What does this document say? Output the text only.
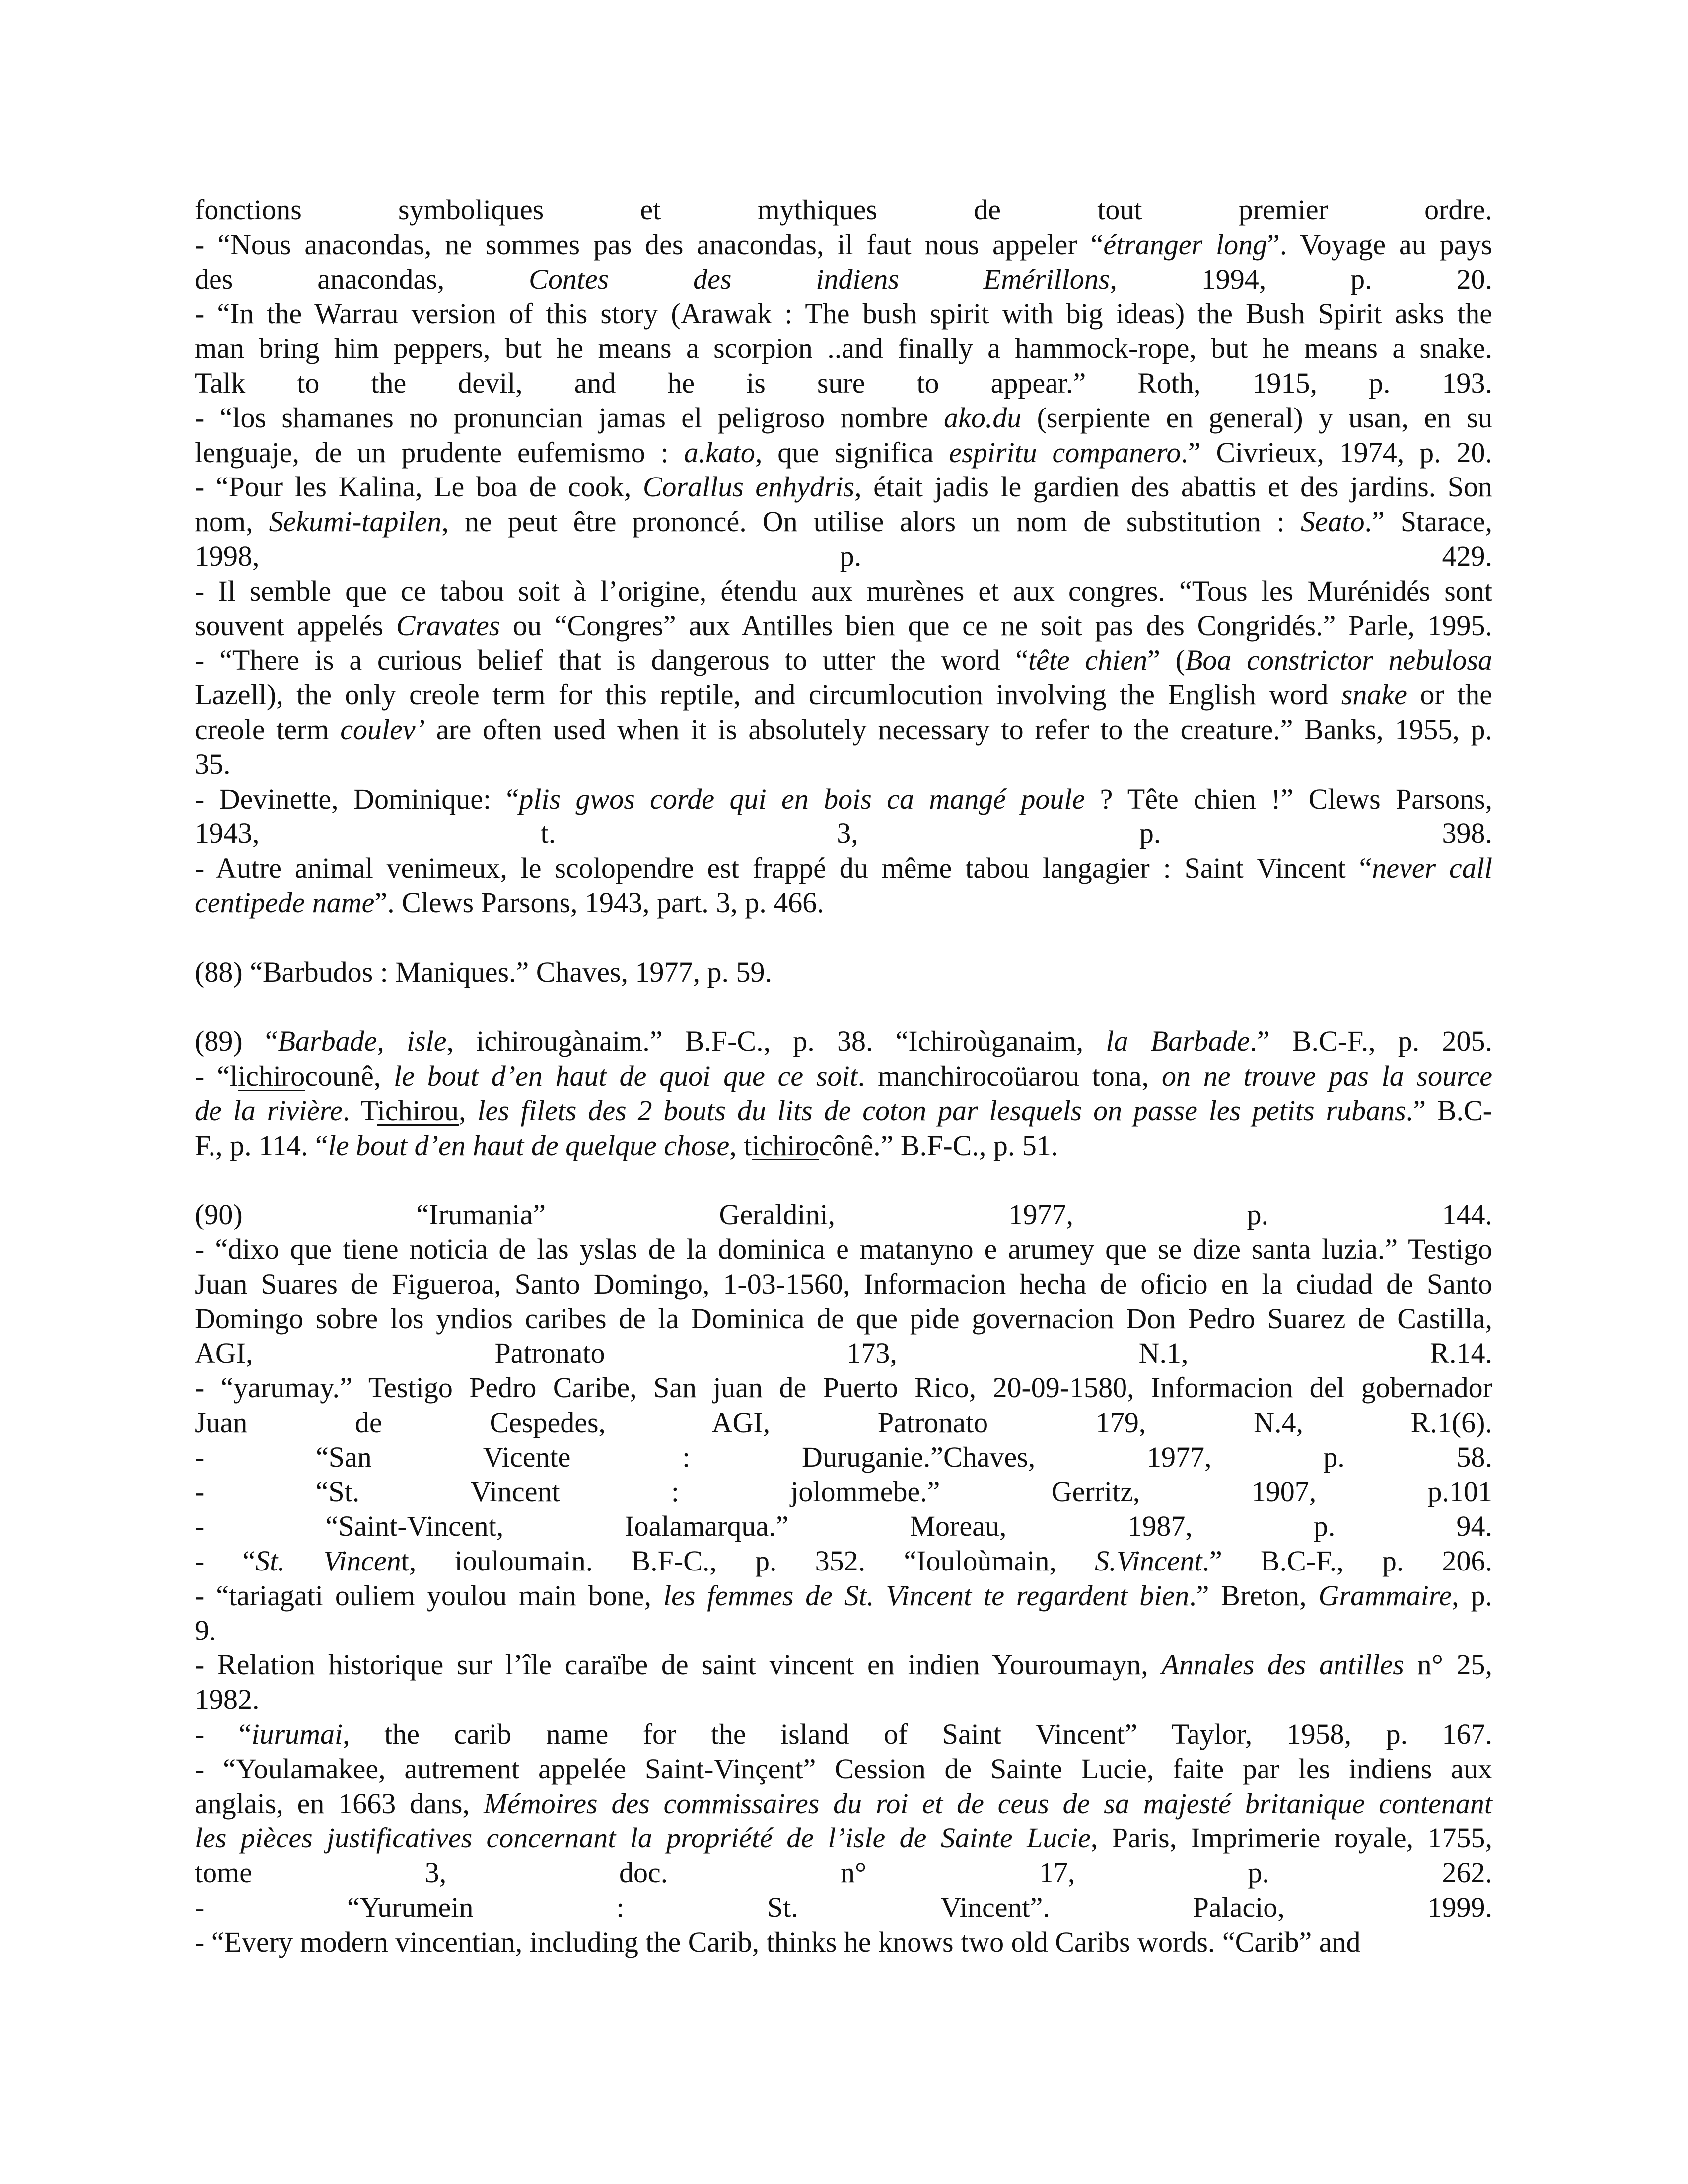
fonctions symboliques et mythiques de tout premier ordre.
- “Nous anacondas, ne sommes pas des anacondas, il faut nous appeler “étranger long”. Voyage au pays
des anacondas, Contes des indiens Emérillons, 1994, p. 20.
- “In the Warrau version of this story (Arawak : The bush spirit with big ideas) the Bush Spirit asks the
man bring him peppers, but he means a scorpion ..and finally a hammock-rope, but he means a snake.
Talk to the devil, and he is sure to appear.” Roth, 1915, p. 193.
- “los shamanes no pronuncian jamas el peligroso nombre ako.du (serpiente en general) y usan, en su
lenguaje, de un prudente eufemismo : a.kato, que significa espiritu companero.” Civrieux, 1974, p. 20.
- “Pour les Kalina, Le boa de cook, Corallus enhydris, était jadis le gardien des abattis et des jardins. Son
nom, Sekumi-tapilen, ne peut être prononcé. On utilise alors un nom de substitution : Seato.” Starace,
1998, p. 429.
- Il semble que ce tabou soit à l’origine, étendu aux murènes et aux congres. “Tous les Murénidés sont
souvent appelés Cravates ou “Congres” aux Antilles bien que ce ne soit pas des Congridés.” Parle, 1995.
- “There is a curious belief that is dangerous to utter the word “tête chien” (Boa constrictor nebulosa
Lazell), the only creole term for this reptile, and circumlocution involving the English word snake or the
creole term coulev’ are often used when it is absolutely necessary to refer to the creature.” Banks, 1955, p.
35.
- Devinette, Dominique: “plis gwos corde qui en bois ca mangé poule ? Tête chien !” Clews Parsons,
1943, t. 3, p. 398.
- Autre animal venimeux, le scolopendre est frappé du même tabou langagier : Saint Vincent “never call
centipede name”. Clews Parsons, 1943, part. 3, p. 466.
(88) “Barbudos : Maniques.” Chaves, 1977, p. 59.
(89) “Barbade, isle, ichirougànaim.” B.F-C., p. 38. “Ichiroùganaim, la Barbade.” B.C-F., p. 205.
- “lichirocounê, le bout d’en haut de quoi que ce soit. manchirocoüarou tona, on ne trouve pas la source
de la rivière. Tichirou, les filets des 2 bouts du lits de coton par lesquels on passe les petits rubans.” B.C-
F., p. 114. “le bout d’en haut de quelque chose, tichirocônê.” B.F-C., p. 51.
(90) “Irumania” Geraldini, 1977, p. 144.
- “dixo que tiene noticia de las yslas de la dominica e matanyno e arumey que se dize santa luzia.” Testigo
Juan Suares de Figueroa, Santo Domingo, 1-03-1560, Informacion hecha de oficio en la ciudad de Santo
Domingo sobre los yndios caribes de la Dominica de que pide governacion Don Pedro Suarez de Castilla,
AGI, Patronato 173, N.1, R.14.
- “yarumay.” Testigo Pedro Caribe, San juan de Puerto Rico, 20-09-1580, Informacion del gobernador
Juan de Cespedes, AGI, Patronato 179, N.4, R.1(6).
- “San Vicente : Duruganie.”Chaves, 1977, p. 58.
- “St. Vincent : jolommebe.” Gerritz, 1907, p.101
- “Saint-Vincent, Ioalamarqua.” Moreau, 1987, p. 94.
- “St. Vincent, iouloumain. B.F-C., p. 352. “Iouloùmain, S.Vincent.” B.C-F., p. 206.
- “tariagati ouliem youlou main bone, les femmes de St. Vincent te regardent bien.” Breton, Grammaire, p.
9.
- Relation historique sur l’île caraïbe de saint vincent en indien Youroumayn, Annales des antilles n° 25,
1982.
- “iurumai, the carib name for the island of Saint Vincent” Taylor, 1958, p. 167.
- “Youlamakee, autrement appelée Saint-Vinçent” Cession de Sainte Lucie, faite par les indiens aux
anglais, en 1663 dans, Mémoires des commissaires du roi et de ceus de sa majesté britanique contenant
les pièces justificatives concernant la propriété de l’isle de Sainte Lucie, Paris, Imprimerie royale, 1755,
tome 3, doc. n° 17, p. 262.
- “Yurumein : St. Vincent”. Palacio, 1999.
- “Every modern vincentian, including the Carib, thinks he knows two old Caribs words. “Carib” and
